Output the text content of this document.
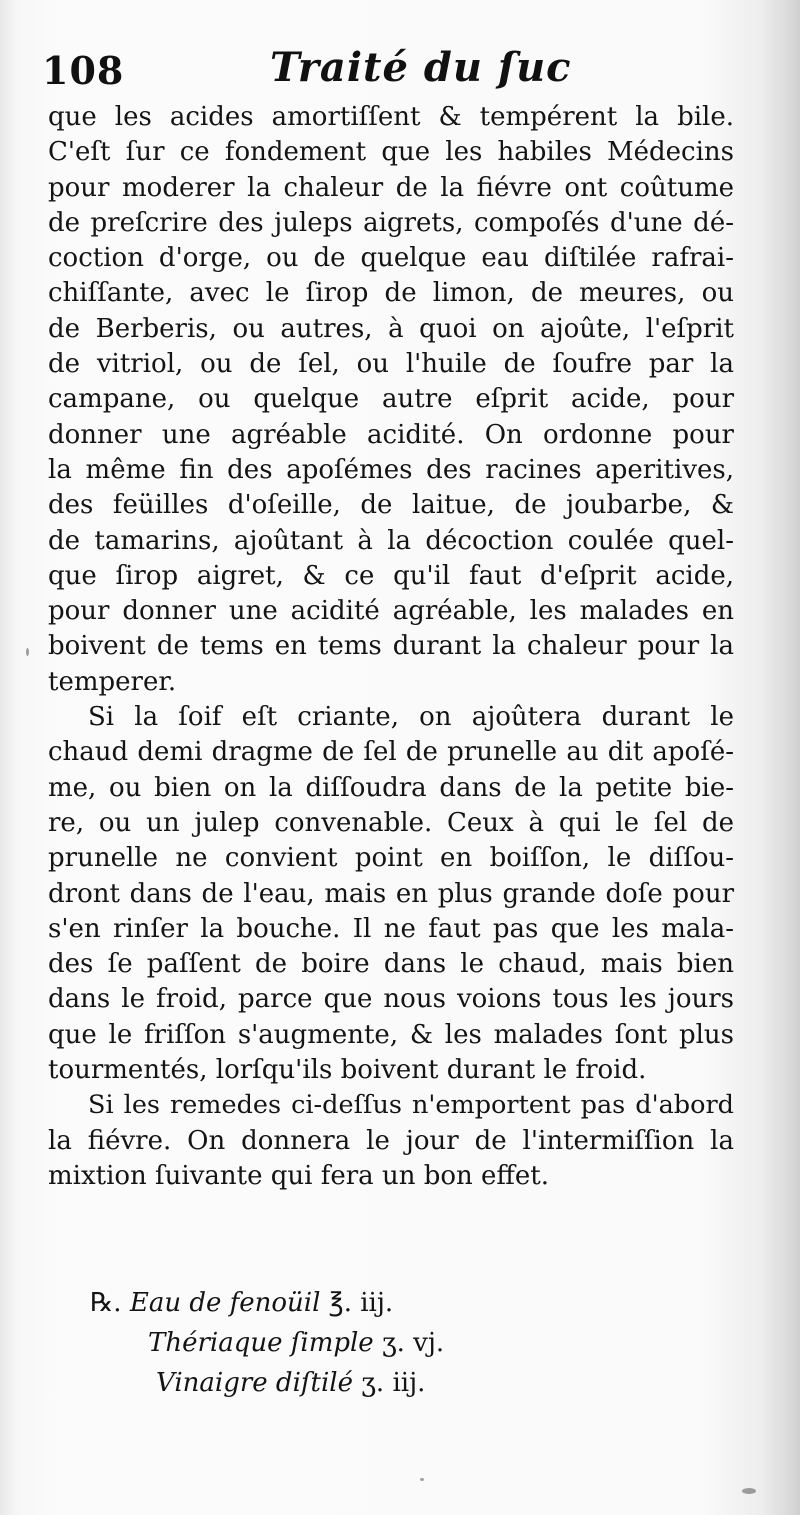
108	Traité du ſuc
que les acides amortiſſent & tempérent la bile.
C'eſt ſur ce fondement que les habiles Médecins
pour moderer la chaleur de la fiévre ont coûtume
de preſcrire des juleps aigrets, compoſés d'une dé-
coction d'orge, ou de quelque eau diſtilée rafrai-
chiſſante, avec le ſirop de limon, de meures, ou
de Berberis, ou autres, à quoi on ajoûte, l'eſprit
de vitriol, ou de ſel, ou l'huile de ſoufre par la
campane, ou quelque autre eſprit acide, pour
donner une agréable acidité. On ordonne pour
la même fin des apoſémes des racines aperitives,
des feüilles d'oſeille, de laitue, de joubarbe, &
de tamarins, ajoûtant à la décoction coulée quel-
que ſirop aigret, & ce qu'il faut d'eſprit acide,
pour donner une acidité agréable, les malades en
boivent de tems en tems durant la chaleur pour la
temperer.
Si la ſoif eſt criante, on ajoûtera durant le
chaud demi dragme de ſel de prunelle au dit apoſé-
me, ou bien on la diſſoudra dans de la petite bie-
re, ou un julep convenable. Ceux à qui le ſel de
prunelle ne convient point en boiſſon, le diſſou-
dront dans de l'eau, mais en plus grande doſe pour
s'en rinſer la bouche. Il ne faut pas que les mala-
des ſe paſſent de boire dans le chaud, mais bien
dans le froid, parce que nous voions tous les jours
que le friſſon s'augmente, & les malades ſont plus
tourmentés, lorſqu'ils boivent durant le froid.
Si les remedes ci-deſſus n'emportent pas d'abord
la fiévre. On donnera le jour de l'intermiſſion la
mixtion ſuivante qui fera un bon effet.
℞. Eau de fenoüil ℥. iij.
Thériaque ſimple ʒ. vj.
Vinaigre diſtilé ʒ. iij.
